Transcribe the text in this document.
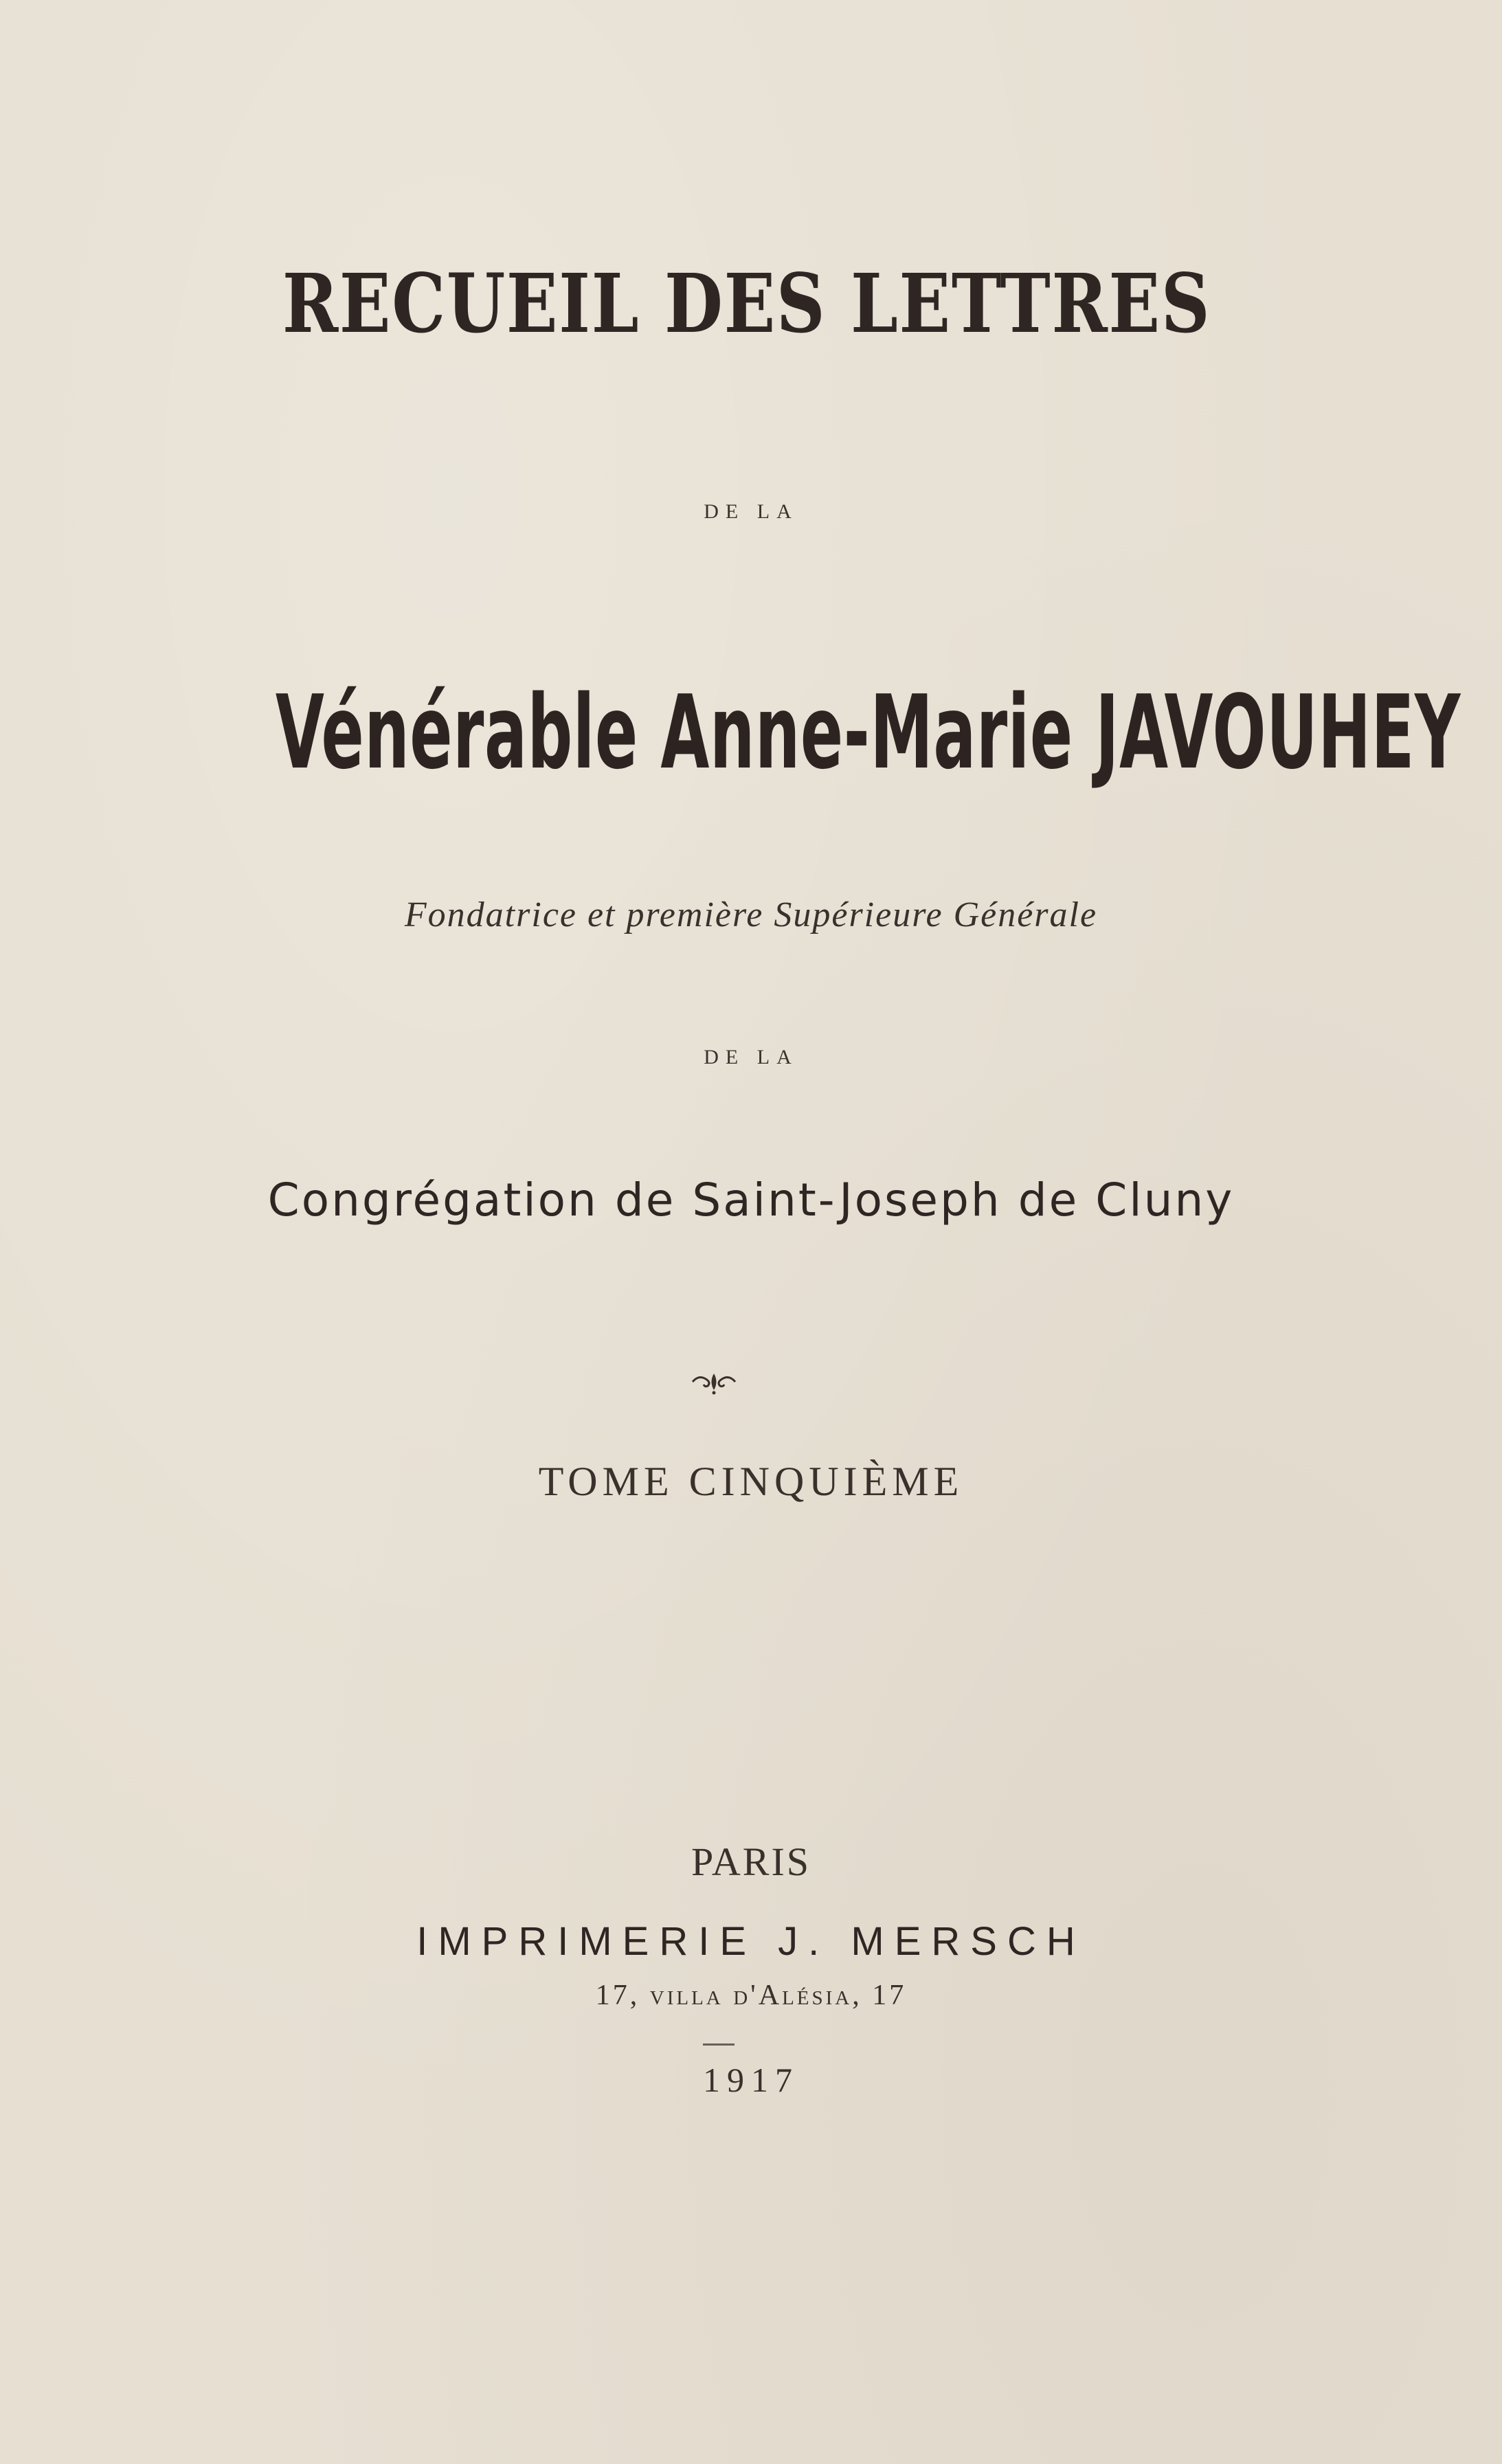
RECUEIL DES LETTRES
DE LA
Vénérable Anne-Marie JAVOUHEY
Fondatrice et première Supérieure Générale
DE LA
Congrégation de Saint-Joseph de Cluny
TOME CINQUIÈME
PARIS
IMPRIMERIE J. MERSCH
17, villa d'Alésia, 17
1917
